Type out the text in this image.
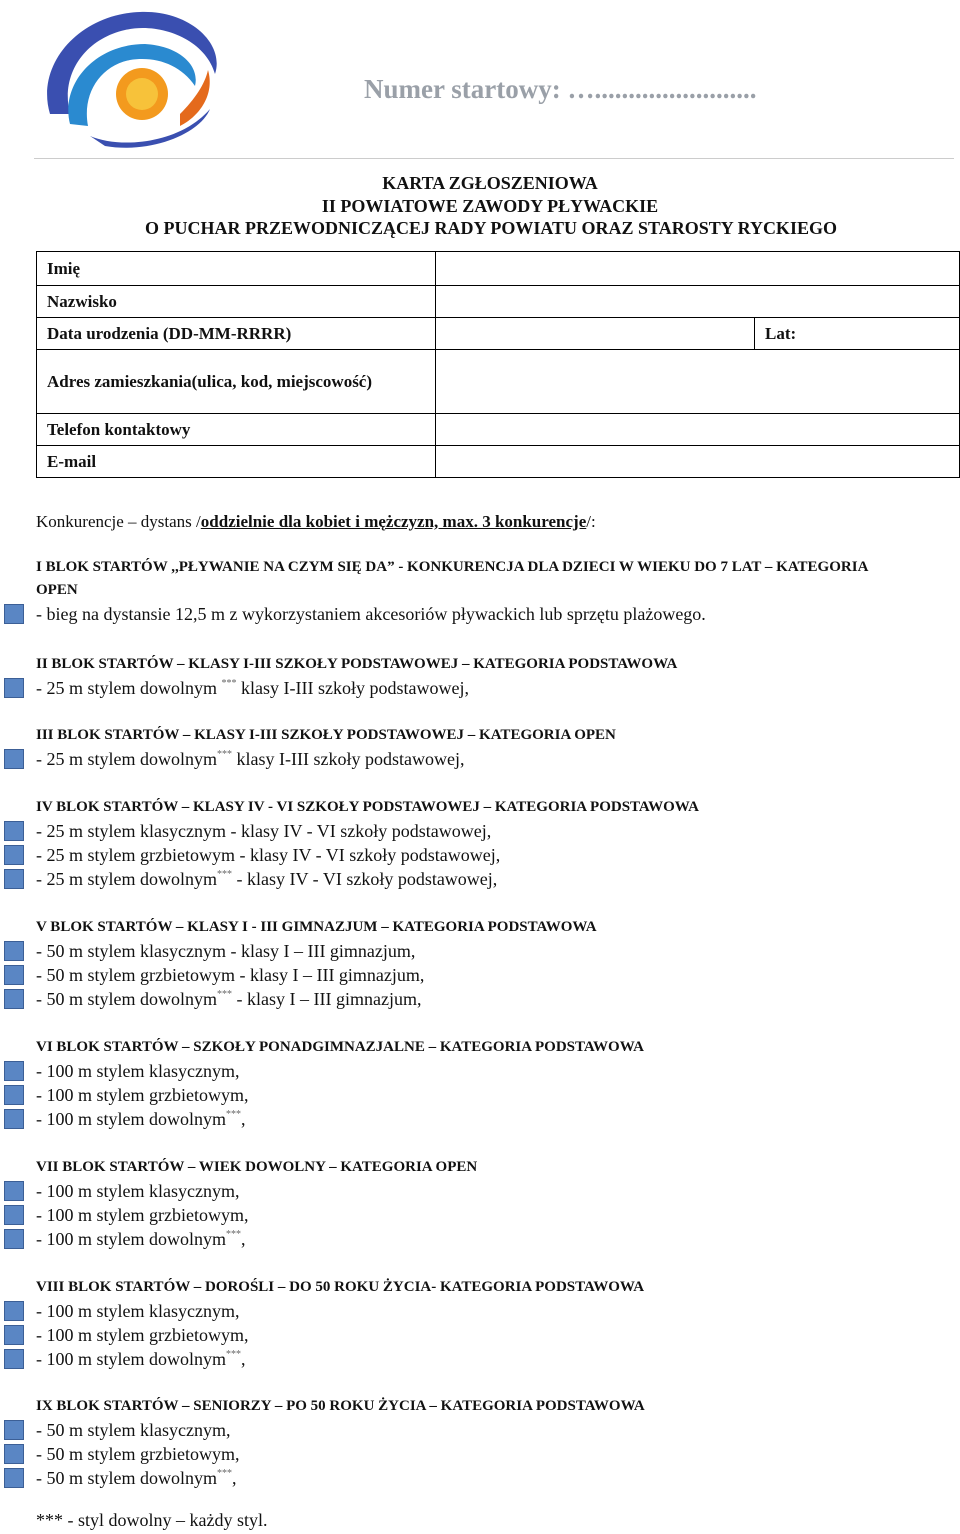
Numer startowy: …........................
KARTA ZGŁOSZENIOWA
II POWIATOWE ZAWODY PŁYWACKIE
O PUCHAR PRZEWODNICZĄCEJ RADY POWIATU ORAZ STAROSTY RYCKIEGO
Imię		
Nazwisko		
Data urodzenia (DD-MM-RRRR)		Lat:
Adres zamieszkania(ulica, kod, miejscowość)		
Telefon kontaktowy		
E-mail		
Konkurencje – dystans /oddzielnie dla kobiet i mężczyzn, max. 3 konkurencje/:
I BLOK STARTÓW ,,PŁYWANIE NA CZYM SIĘ DA” - KONKURENCJA DLA DZIECI W WIEKU DO 7 LAT – KATEGORIA OPEN
- bieg na dystansie 12,5 m z wykorzystaniem akcesoriów pływackich lub sprzętu plażowego.
II BLOK STARTÓW – KLASY I-III SZKOŁY PODSTAWOWEJ – KATEGORIA PODSTAWOWA
- 25 m stylem dowolnym *** klasy I-III szkoły podstawowej,
III BLOK STARTÓW – KLASY I-III SZKOŁY PODSTAWOWEJ – KATEGORIA OPEN
- 25 m stylem dowolnym*** klasy I-III szkoły podstawowej,
IV BLOK STARTÓW – KLASY IV - VI SZKOŁY PODSTAWOWEJ – KATEGORIA PODSTAWOWA
- 25 m stylem klasycznym - klasy IV - VI szkoły podstawowej,
- 25 m stylem grzbietowym - klasy IV - VI szkoły podstawowej,
- 25 m stylem dowolnym*** - klasy IV - VI szkoły podstawowej,
V BLOK STARTÓW – KLASY I - III GIMNAZJUM – KATEGORIA PODSTAWOWA
- 50 m stylem klasycznym - klasy I – III gimnazjum,
- 50 m stylem grzbietowym - klasy I – III gimnazjum,
- 50 m stylem dowolnym*** - klasy I – III gimnazjum,
VI BLOK STARTÓW – SZKOŁY PONADGIMNAZJALNE – KATEGORIA PODSTAWOWA
- 100 m stylem klasycznym,
- 100 m stylem grzbietowym,
- 100 m stylem dowolnym***,
VII BLOK STARTÓW – WIEK DOWOLNY – KATEGORIA OPEN
- 100 m stylem klasycznym,
- 100 m stylem grzbietowym,
- 100 m stylem dowolnym***,
VIII BLOK STARTÓW – DOROŚLI – DO 50 ROKU ŻYCIA- KATEGORIA PODSTAWOWA
- 100 m stylem klasycznym,
- 100 m stylem grzbietowym,
- 100 m stylem dowolnym***,
IX BLOK STARTÓW – SENIORZY – PO 50 ROKU ŻYCIA – KATEGORIA PODSTAWOWA
- 50 m stylem klasycznym,
- 50 m stylem grzbietowym,
- 50 m stylem dowolnym***,
*** - styl dowolny – każdy styl.
